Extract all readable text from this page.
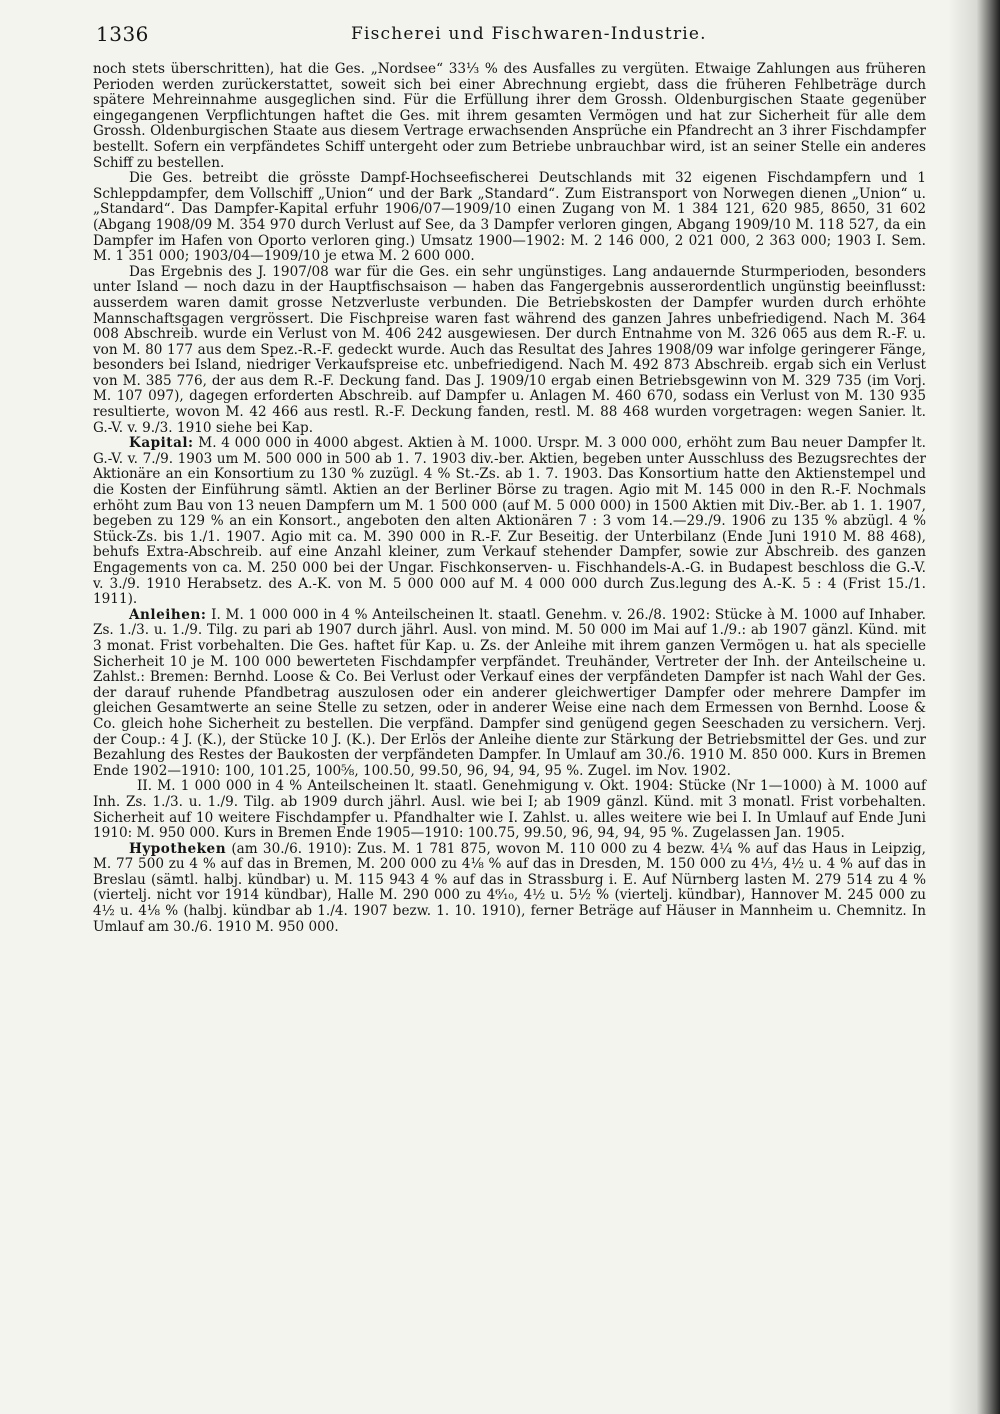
1336	Fischerei und Fischwaren-Industrie.

noch stets überschritten), hat die Ges. „Nordsee“ 33⅓ % des Ausfalles zu vergüten. Etwaige Zahlungen aus früheren Perioden werden zurückerstattet, soweit sich bei einer Abrechnung ergiebt, dass die früheren Fehlbeträge durch spätere Mehreinnahme ausgeglichen sind. Für die Erfüllung ihrer dem Grossh. Oldenburgischen Staate gegenüber eingegangenen Verpflichtungen haftet die Ges. mit ihrem gesamten Vermögen und hat zur Sicherheit für alle dem Grossh. Oldenburgischen Staate aus diesem Vertrage erwachsenden Ansprüche ein Pfandrecht an 3 ihrer Fischdampfer bestellt. Sofern ein verpfändetes Schiff untergeht oder zum Betriebe unbrauchbar wird, ist an seiner Stelle ein anderes Schiff zu bestellen.

Die Ges. betreibt die grösste Dampf-Hochseefischerei Deutschlands mit 32 eigenen Fischdampfern und 1 Schleppdampfer, dem Vollschiff „Union“ und der Bark „Standard“. Zum Eistransport von Norwegen dienen „Union“ u. „Standard“. Das Dampfer-Kapital erfuhr 1906/07—1909/10 einen Zugang von M. 1 384 121, 620 985, 8650, 31 602 (Abgang 1908/09 M. 354 970 durch Verlust auf See, da 3 Dampfer verloren gingen, Abgang 1909/10 M. 118 527, da ein Dampfer im Hafen von Oporto verloren ging.) Umsatz 1900—1902: M. 2 146 000, 2 021 000, 2 363 000; 1903 I. Sem. M. 1 351 000; 1903/04—1909/10 je etwa M. 2 600 000.

Das Ergebnis des J. 1907/08 war für die Ges. ein sehr ungünstiges. Lang andauernde Sturmperioden, besonders unter Island — noch dazu in der Hauptfischsaison — haben das Fangergebnis ausserordentlich ungünstig beeinflusst: ausserdem waren damit grosse Netzverluste verbunden. Die Betriebskosten der Dampfer wurden durch erhöhte Mannschaftsgagen vergrössert. Die Fischpreise waren fast während des ganzen Jahres unbefriedigend. Nach M. 364 008 Abschreib. wurde ein Verlust von M. 406 242 ausgewiesen. Der durch Entnahme von M. 326 065 aus dem R.-F. u. von M. 80 177 aus dem Spez.-R.-F. gedeckt wurde. Auch das Resultat des Jahres 1908/09 war infolge geringerer Fänge, besonders bei Island, niedriger Verkaufspreise etc. unbefriedigend. Nach M. 492 873 Abschreib. ergab sich ein Verlust von M. 385 776, der aus dem R.-F. Deckung fand. Das J. 1909/10 ergab einen Betriebsgewinn von M. 329 735 (im Vorj. M. 107 097), dagegen erforderten Abschreib. auf Dampfer u. Anlagen M. 460 670, sodass ein Verlust von M. 130 935 resultierte, wovon M. 42 466 aus restl. R.-F. Deckung fanden, restl. M. 88 468 wurden vorgetragen: wegen Sanier. lt. G.-V. v. 9./3. 1910 siehe bei Kap.

Kapital: M. 4 000 000 in 4000 abgest. Aktien à M. 1000. Urspr. M. 3 000 000, erhöht zum Bau neuer Dampfer lt. G.-V. v. 7./9. 1903 um M. 500 000 in 500 ab 1. 7. 1903 div.-ber. Aktien, begeben unter Ausschluss des Bezugsrechtes der Aktionäre an ein Konsortium zu 130 % zuzügl. 4 % St.-Zs. ab 1. 7. 1903. Das Konsortium hatte den Aktienstempel und die Kosten der Einführung sämtl. Aktien an der Berliner Börse zu tragen. Agio mit M. 145 000 in den R.-F. Nochmals erhöht zum Bau von 13 neuen Dampfern um M. 1 500 000 (auf M. 5 000 000) in 1500 Aktien mit Div.-Ber. ab 1. 1. 1907, begeben zu 129 % an ein Konsort., angeboten den alten Aktionären 7 : 3 vom 14.—29./9. 1906 zu 135 % abzügl. 4 % Stück-Zs. bis 1./1. 1907. Agio mit ca. M. 390 000 in R.-F. Zur Beseitig. der Unterbilanz (Ende Juni 1910 M. 88 468), behufs Extra-Abschreib. auf eine Anzahl kleiner, zum Verkauf stehender Dampfer, sowie zur Abschreib. des ganzen Engagements von ca. M. 250 000 bei der Ungar. Fischkonserven- u. Fischhandels-A.-G. in Budapest beschloss die G.-V. v. 3./9. 1910 Herabsetz. des A.-K. von M. 5 000 000 auf M. 4 000 000 durch Zus.legung des A.-K. 5 : 4 (Frist 15./1. 1911).

Anleihen: I. M. 1 000 000 in 4 % Anteilscheinen lt. staatl. Genehm. v. 26./8. 1902: Stücke à M. 1000 auf Inhaber. Zs. 1./3. u. 1./9. Tilg. zu pari ab 1907 durch jährl. Ausl. von mind. M. 50 000 im Mai auf 1./9.: ab 1907 gänzl. Künd. mit 3 monat. Frist vorbehalten. Die Ges. haftet für Kap. u. Zs. der Anleihe mit ihrem ganzen Vermögen u. hat als specielle Sicherheit 10 je M. 100 000 bewerteten Fischdampfer verpfändet. Treuhänder, Vertreter der Inh. der Anteilscheine u. Zahlst.: Bremen: Bernhd. Loose & Co. Bei Verlust oder Verkauf eines der verpfändeten Dampfer ist nach Wahl der Ges. der darauf ruhende Pfandbetrag auszulosen oder ein anderer gleichwertiger Dampfer oder mehrere Dampfer im gleichen Gesamtwerte an seine Stelle zu setzen, oder in anderer Weise eine nach dem Ermessen von Bernhd. Loose & Co. gleich hohe Sicherheit zu bestellen. Die verpfänd. Dampfer sind genügend gegen Seeschaden zu versichern. Verj. der Coup.: 4 J. (K.), der Stücke 10 J. (K.). Der Erlös der Anleihe diente zur Stärkung der Betriebsmittel der Ges. und zur Bezahlung des Restes der Baukosten der verpfändeten Dampfer. In Umlauf am 30./6. 1910 M. 850 000. Kurs in Bremen Ende 1902—1910: 100, 101.25, 100⅝, 100.50, 99.50, 96, 94, 94, 95 %. Zugel. im Nov. 1902.

II. M. 1 000 000 in 4 % Anteilscheinen lt. staatl. Genehmigung v. Okt. 1904: Stücke (Nr 1—1000) à M. 1000 auf Inh. Zs. 1./3. u. 1./9. Tilg. ab 1909 durch jährl. Ausl. wie bei I; ab 1909 gänzl. Künd. mit 3 monatl. Frist vorbehalten. Sicherheit auf 10 weitere Fischdampfer u. Pfandhalter wie I. Zahlst. u. alles weitere wie bei I. In Umlauf auf Ende Juni 1910: M. 950 000. Kurs in Bremen Ende 1905—1910: 100.75, 99.50, 96, 94, 94, 95 %. Zugelassen Jan. 1905.

Hypotheken (am 30./6. 1910): Zus. M. 1 781 875, wovon M. 110 000 zu 4 bezw. 4¼ % auf das Haus in Leipzig, M. 77 500 zu 4 % auf das in Bremen, M. 200 000 zu 4⅛ % auf das in Dresden, M. 150 000 zu 4⅓, 4½ u. 4 % auf das in Breslau (sämtl. halbj. kündbar) u. M. 115 943 4 % auf das in Strassburg i. E. Auf Nürnberg lasten M. 279 514 zu 4 % (viertelj. nicht vor 1914 kündbar), Halle M. 290 000 zu 4⁶⁄₁₀, 4½ u. 5½ % (viertelj. kündbar), Hannover M. 245 000 zu 4½ u. 4⅛ % (halbj. kündbar ab 1./4. 1907 bezw. 1. 10. 1910), ferner Beträge auf Häuser in Mannheim u. Chemnitz. In Umlauf am 30./6. 1910 M. 950 000.
